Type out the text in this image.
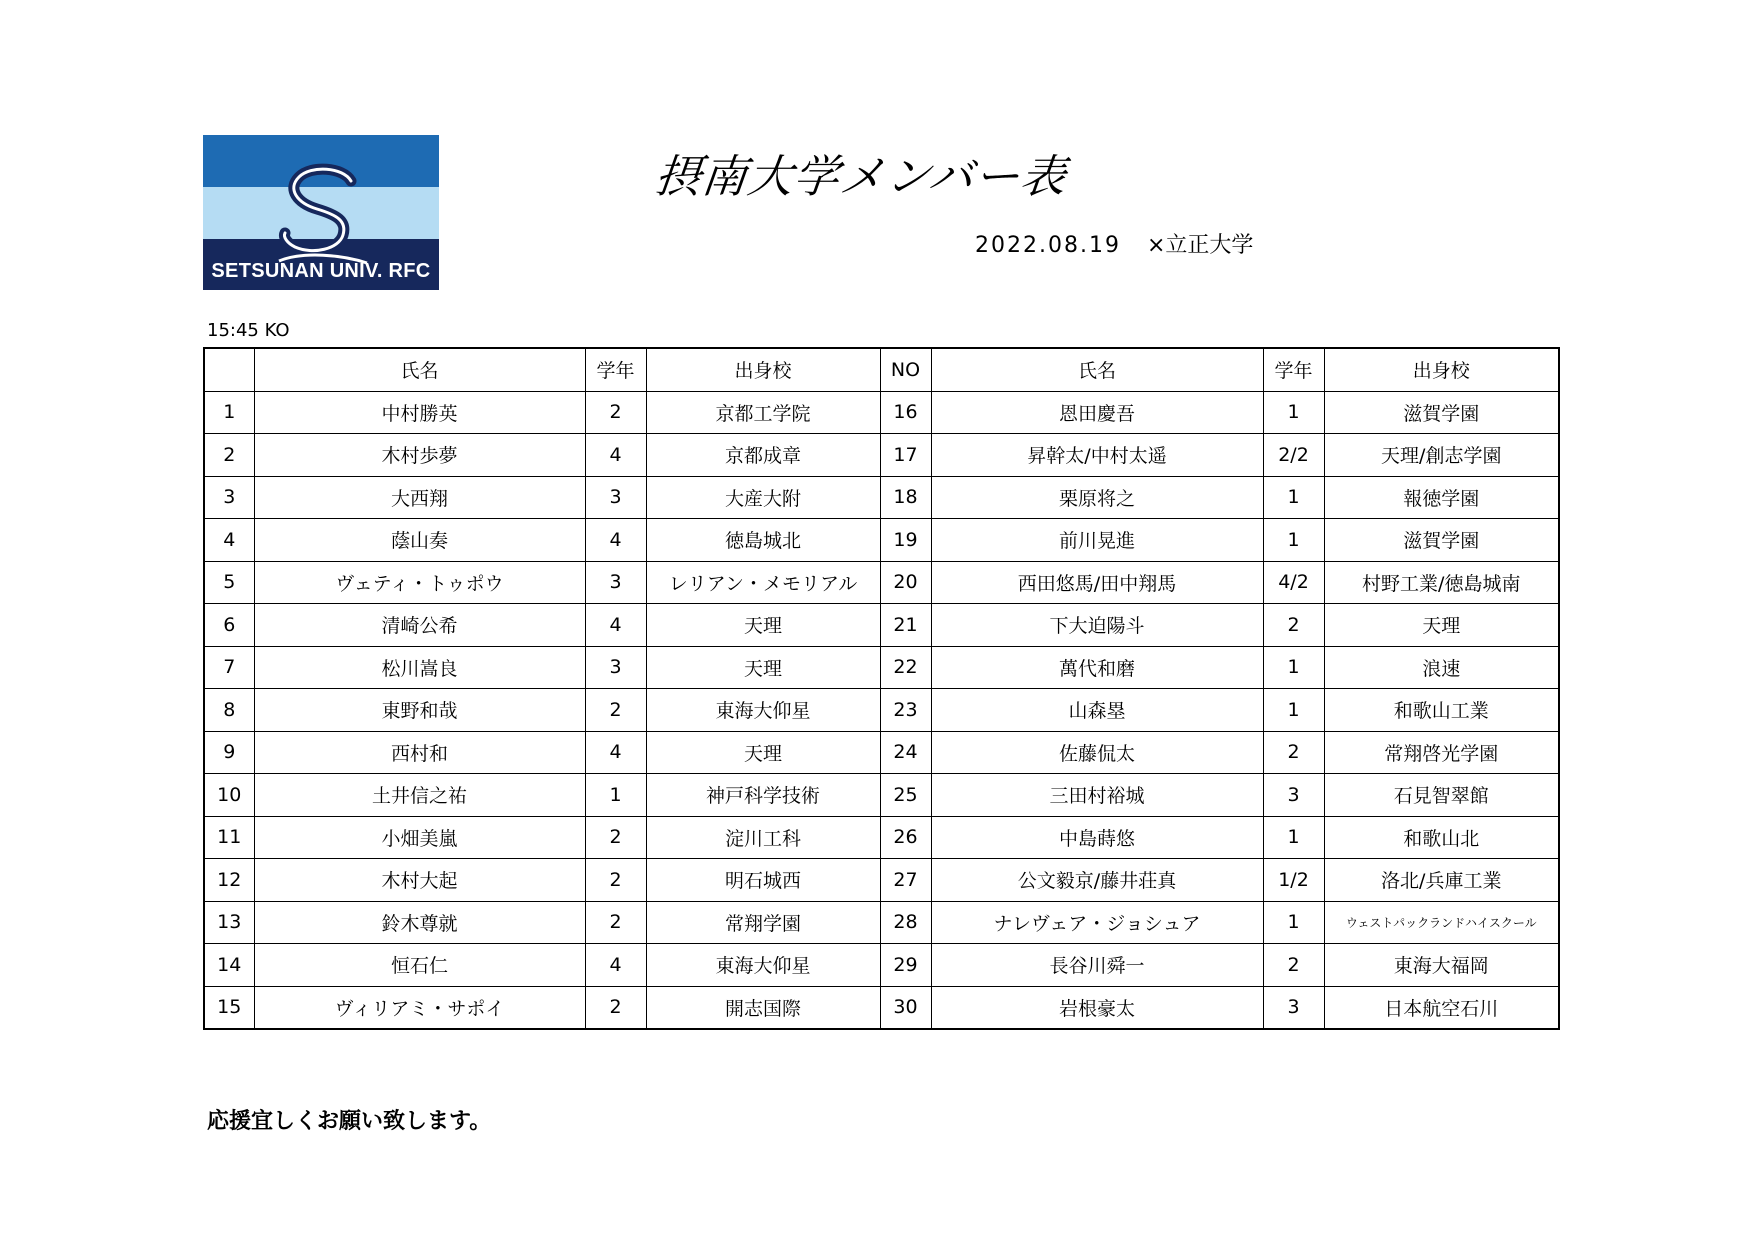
SETSUNAN UNIV. RFC
摂南大学メンバー表
2022.08.19 ×立正大学
15:45 KO
	氏名	学年	出身校	NO	氏名	学年	出身校
1	中村勝英	2	京都工学院	16	恩田慶吾	1	滋賀学園
2	木村歩夢	4	京都成章	17	昇幹太/中村太遥	2/2	天理/創志学園
3	大西翔	3	大産大附	18	栗原将之	1	報徳学園
4	蔭山奏	4	徳島城北	19	前川晃進	1	滋賀学園
5	ヴェティ・トゥポウ	3	レリアン・メモリアル	20	西田悠馬/田中翔馬	4/2	村野工業/徳島城南
6	清崎公希	4	天理	21	下大迫陽斗	2	天理
7	松川嵩良	3	天理	22	萬代和磨	1	浪速
8	東野和哉	2	東海大仰星	23	山森塁	1	和歌山工業
9	西村和	4	天理	24	佐藤侃太	2	常翔啓光学園
10	土井信之祐	1	神戸科学技術	25	三田村裕城	3	石見智翠館
11	小畑美嵐	2	淀川工科	26	中島蒔悠	1	和歌山北
12	木村大起	2	明石城西	27	公文毅京/藤井荘真	1/2	洛北/兵庫工業
13	鈴木尊就	2	常翔学園	28	ナレヴェア・ジョシュア	1	ウェストパックランドハイスクール
14	恒石仁	4	東海大仰星	29	長谷川舜一	2	東海大福岡
15	ヴィリアミ・サポイ	2	開志国際	30	岩根豪太	3	日本航空石川
応援宜しくお願い致します。
